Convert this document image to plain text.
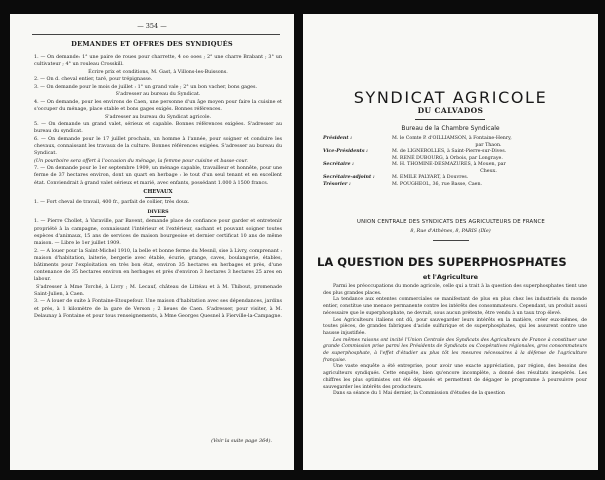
— 354 —
DEMANDES ET OFFRES DES SYNDIQUÉS

1. — On demande: 1° une paire de roues pour charrette, 4 oo ooes ; 2° une charre Brabant ; 3° un cultivateur ; 4° un rouleau Crosskill.

Écrire prix et conditions, M. Gast, à Villons-les-Buissons.

2. — On d. cheval entier, taré, pour trépignasse.

3. — On demande pour le mois de juillet : 1° un grand vale ; 2° un bon vacher, bons gages.

S'adresser au bureau du Syndicat.

4. — On demande, pour les environs de Caen, une personne d'un âge moyen pour faire la cuisine et s'occuper du ménage, place stable et bons gages exigés. Bonnes références.

S'adresser au bureau du Syndicat agricole.

5. — On demande un grand valet, sérieux et capable. Bonnes références exigées. S'adresser au bureau du syndicat.

6. — On demande pour le 17 juillet prochain, un homme à l'année, pour soigner et conduire les chevaux, connaissant les travaux de la culture. Bonnes références exigées. S'adresser au bureau du Syndicat.

(Un pourboire sera offert à l'occasion du ménage, la femme pour cuisine et basse-cour.

7. — On demande pour le 1er septembre 1909, un ménage capable, travailleur et honnête, pour une ferme de 37 hectares environ, dont un quart en herbage : le tout d'un seul tenant et en excellent état. Conviendrait à grand valet sérieux et marié, avec enfants, possédant 1.000 à 1500 francs.

CHEVAUX

1. — Fort cheval de travail, 400 fr., parfait de collier, très doux.

DIVERS

1. — Pierre Chollet, à Varaville, par Bavent, demande place de confiance pour garder et entretenir propriété à la campagne, connaissant l'intérieur et l'extérieur, sachant et pouvant soigner toutes espèces d'animaux, 15 ans de services de maison bourgeoise et dernier certificat 10 ans de même maison. — Libre le 1er juillet 1909.

2. — A louer pour la Saint-Michel 1910, la belle et bonne ferme du Mesnil, sise à Livry, comprenant : maison d'habitation, laiterie, bergerie avec étable, écurie, grange, caves, boulangerie, étables, bâtiments pour l'exploitation en très bon état, environ 35 hectares en herbages et près, d'une contenance de 35 hectares environ en herbages et près d'environ 3 hectares 3 hectares 25 ares en labour.

S'adresser à Mme Torché, à Livry ; M. Lecauf, château de Littéau et à M. Thibout, promenade Saint-Julien, à Caen.

3. — A louer de suite à Fontaine-Etoupefour. Une maison d'habitation avec ses dépendances, jardins et près, à 1 kilomètre de la gare de Verson ; 2 lieues de Caen. S'adresser, pour visiter, à M. Delaunay à Fontaine et pour tous renseignements, à Mme Georges Quesnel à Fierville-la-Campagne.

(Voir la suite page 364).
SYNDICAT AGRICOLE
DU CALVADOS
Bureau de la Chambre Syndicale
Président :	M. le Comte P. d'OILLIAMSON, à Fontaine-Henry,
par Thaon.
Vice-Présidents :	M. de LIGNEROLLES, à Saint-Pierre-sur-Dives.
M. RENÉ DUBOURG, à Orbois, par Longraye.
Secrétaire :	M. H. THOMINE-DESMAZURES, à Mouen, par
Cheux.
Secrétaire-adjoint :	M. EMILE PALYART, à Douvres.
Trésorier :	M. POUGHEOL, 36, rue Basse, Caen.
UNION CENTRALE DES SYNDICATS DES AGRICULTEURS DE FRANCE
8, Rue d'Athènes, 8, PARIS (IXe)
LA QUESTION DES SUPERPHOSPHATES
et l'Agriculture

Parmi les préoccupations du monde agricole, celle qui a trait à la question des superphosphates tient une des plus grandes places.

La tendance aux ententes commerciales se manifestant de plus en plus chez les industriels du monde entier, constitue une menace permanente contre les intérêts des consommateurs. Cependant, un produit aussi nécessaire que le superphosphate, ne devrait, sous aucun prétexte, être vendu à un taux trop élevé.

Les Agriculteurs italiens ont dû, pour sauvegarder leurs intérêts en la matière, créer eux-mêmes, de toutes pièces, de grandes fabriques d'acide sulfurique et de superphosphates, qui les assurent contre une hausse injustifiée.

Les mêmes raisons ont incité l'Union Centrale des Syndicats des Agriculteurs de France à constituer une grande Commission prise parmi les Présidents de Syndicats ou Coopératives régionales, gros consommateurs de superphosphate, à l'effet d'étudier au plus tôt les mesures nécessaires à la défense de l'agriculture française.

Une vaste enquête a été entreprise, pour avoir une exacte appréciation, par région, des besoins des agriculteurs syndiqués. Cette enquête, bien qu'encore incomplète, a donné des résultats inespérés. Les chiffres les plus optimistes ont été dépassés et permettent de dégager le programme à poursuivre pour sauvegarder les intérêts des producteurs.

Dans sa séance du 1 Mai dernier, la Commission d'études de la question
